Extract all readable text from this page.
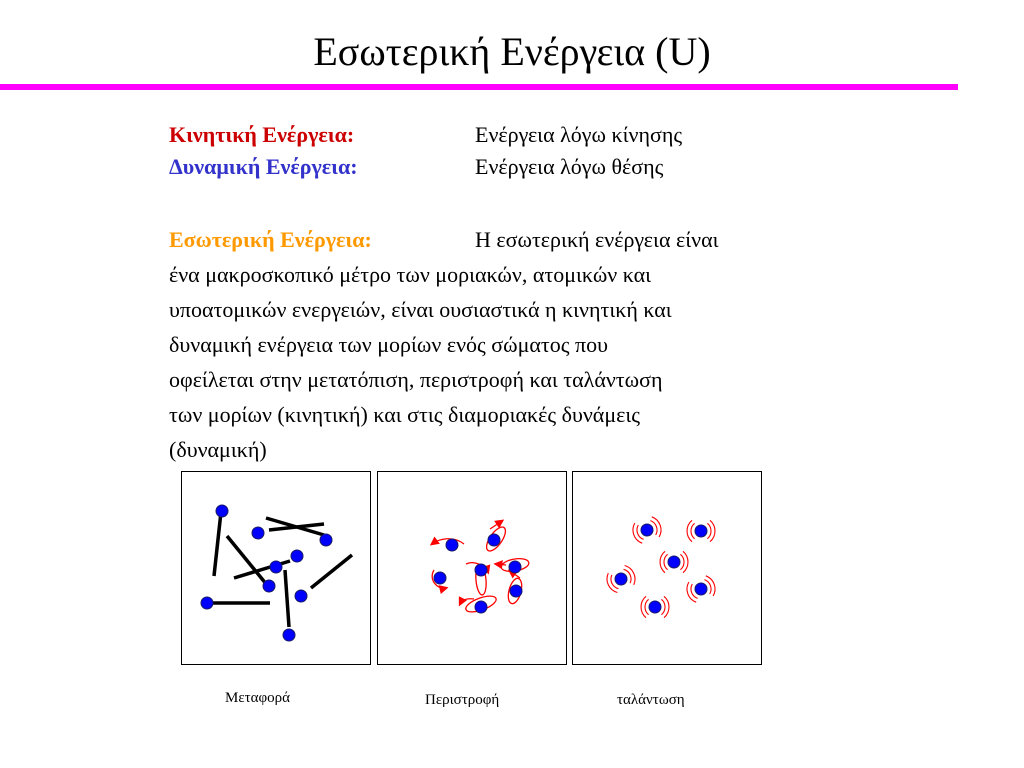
Εσωτερική Ενέργεια (U)
Κινητική Ενέργεια:	Ενέργεια λόγω κίνησης
Δυναμική Ενέργεια:	Ενέργεια λόγω θέσης
Εσωτερική Ενέργεια:	Η εσωτερική ενέργεια είναι
ένα μακροσκοπικό μέτρο των μοριακών, ατομικών και
υποατομικών ενεργειών, είναι ουσιαστικά η κινητική και
δυναμική ενέργεια των μορίων ενός σώματος που
οφείλεται στην μετατόπιση, περιστροφή και ταλάντωση
των μορίων (κινητική) και στις διαμοριακές δυνάμεις
(δυναμική)
Μεταφορά	Περιστροφή	ταλάντωση
